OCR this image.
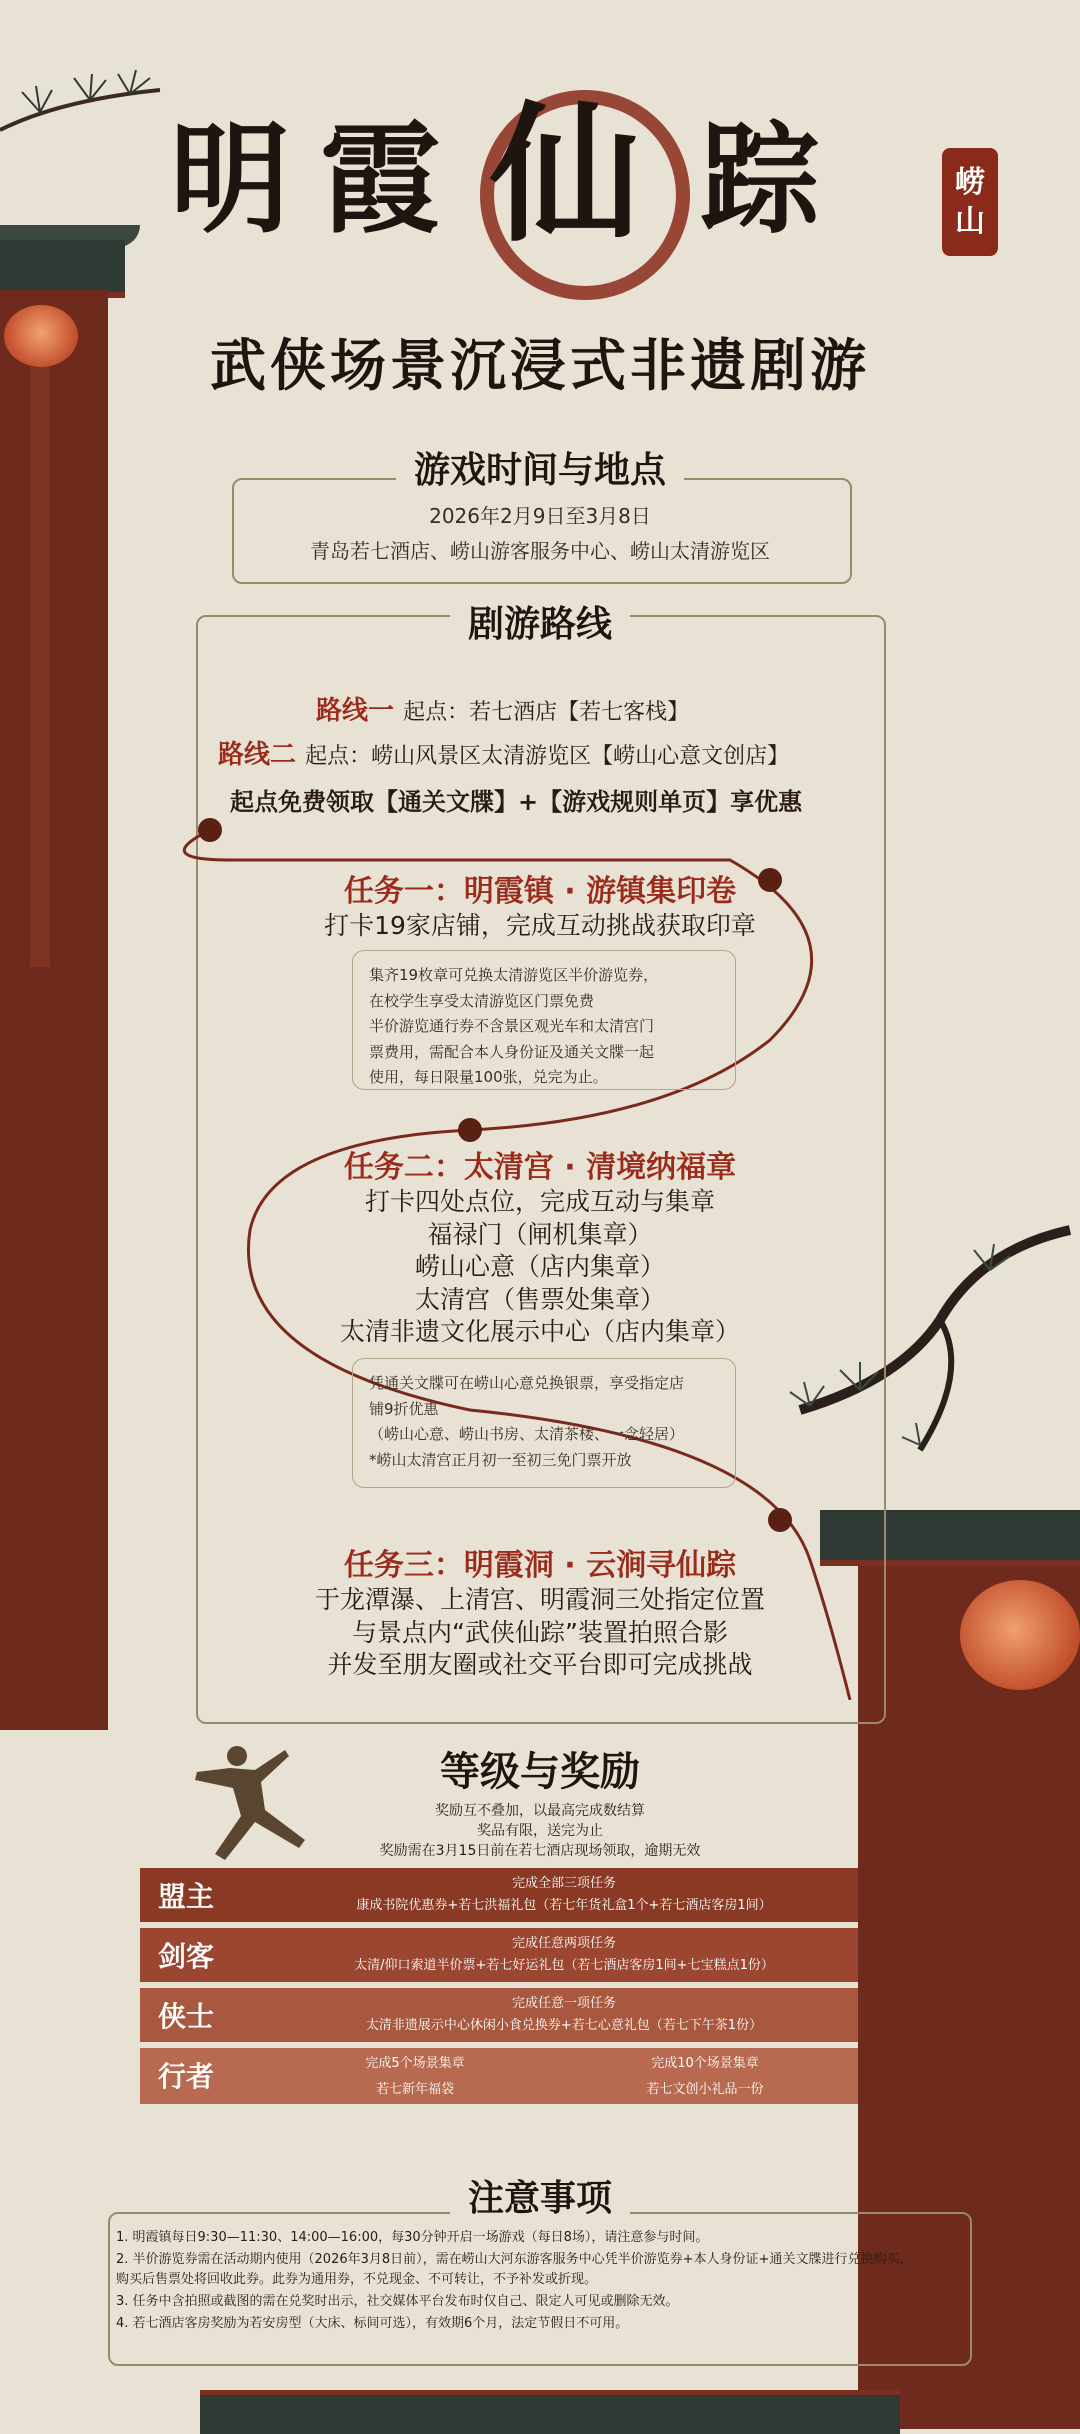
明 霞 仙 踪	崂
山
武侠场景沉浸式非遗剧游
游戏时间与地点
2026年2月9日至3月8日
青岛若七酒店、崂山游客服务中心、崂山太清游览区
剧游路线
路线一 起点：若七酒店【若七客栈】
路线二 起点：崂山风景区太清游览区【崂山心意文创店】
起点免费领取【通关文牒】+【游戏规则单页】享优惠
任务一：明霞镇 · 游镇集印卷
打卡19家店铺，完成互动挑战获取印章
集齐19枚章可兑换太清游览区半价游览券，
在校学生享受太清游览区门票免费
半价游览通行券不含景区观光车和太清宫门
票费用，需配合本人身份证及通关文牒一起
使用，每日限量100张，兑完为止。
任务二：太清宫 · 清境纳福章
打卡四处点位，完成互动与集章
福禄门（闸机集章）
崂山心意（店内集章）
太清宫（售票处集章）
太清非遗文化展示中心（店内集章）
凭通关文牒可在崂山心意兑换银票，享受指定店
铺9折优惠
（崂山心意、崂山书房、太清茶楼、一念轻居）
*崂山太清宫正月初一至初三免门票开放
任务三：明霞洞 · 云涧寻仙踪
于龙潭瀑、上清宫、明霞洞三处指定位置
与景点内“武侠仙踪”装置拍照合影
并发至朋友圈或社交平台即可完成挑战
等级与奖励
奖励互不叠加，以最高完成数结算
奖品有限，送完为止
奖励需在3月15日前在若七酒店现场领取，逾期无效
盟主	完成全部三项任务
康成书院优惠券+若七洪福礼包（若七年货礼盒1个+若七酒店客房1间）
剑客	完成任意两项任务
太清/仰口索道半价票+若七好运礼包（若七酒店客房1间+七宝糕点1份）
侠士	完成任意一项任务
太清非遗展示中心休闲小食兑换券+若七心意礼包（若七下午茶1份）
行者	完成5个场景集章
若七新年福袋
完成10个场景集章
若七文创小礼品一份
注意事项
1. 明霞镇每日9:30—11:30、14:00—16:00，每30分钟开启一场游戏（每日8场），请注意参与时间。
2. 半价游览券需在活动期内使用（2026年3月8日前），需在崂山大河东游客服务中心凭半价游览券+本人身份证+通关文牒进行兑换购买，
购买后售票处将回收此券。此券为通用券，不兑现金、不可转让，不予补发或折现。
3. 任务中含拍照或截图的需在兑奖时出示，社交媒体平台发布时仅自己、限定人可见或删除无效。
4. 若七酒店客房奖励为若安房型（大床、标间可选），有效期6个月，法定节假日不可用。
